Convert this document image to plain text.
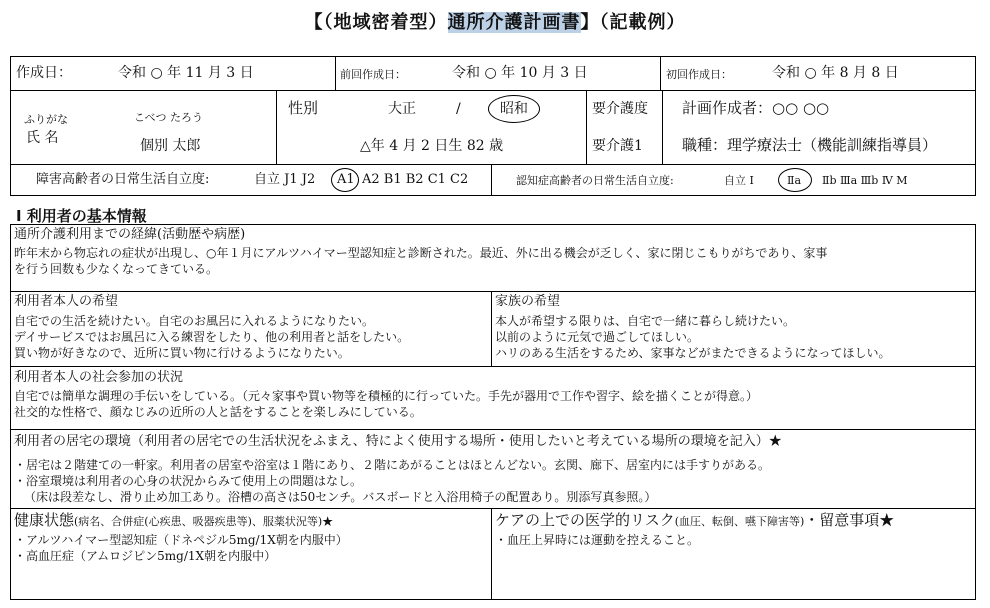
【（地域密着型）通所介護計画書】（記載例）
作成日：	令和 ○ 年 11 月 3 日	前回作成日：	令和 ○ 年 10 月 3 日	初回作成日：	令和 ○ 年 8 月 8 日
ふりがな	こべつ たろう
氏 名	個別 太郎
性別	大正	/	昭和
△年 4 月 2 日生 82 歳
要介護度
要介護1
計画作成者：○○ ○○
職種：理学療法士（機能訓練指導員）
障害高齢者の日常生活自立度:	自立 J1 J2 A1 A2 B1 B2 C1 C2	認知症高齢者の日常生活自立度:	自立 Ⅰ	Ⅱa Ⅱb Ⅲa Ⅲb Ⅳ M
Ⅰ 利用者の基本情報
通所介護利用までの経緯(活動歴や病歴)
昨年末から物忘れの症状が出現し、○年１月にアルツハイマー型認知症と診断された。最近、外に出る機会が乏しく、家に閉じこもりがちであり、家事
を行う回数も少なくなってきている。
利用者本人の希望
自宅での生活を続けたい。自宅のお風呂に入れるようになりたい。
デイサービスではお風呂に入る練習をしたり、他の利用者と話をしたい。
買い物が好きなので、近所に買い物に行けるようになりたい。
家族の希望
本人が希望する限りは、自宅で一緒に暮らし続けたい。
以前のように元気で過ごしてほしい。
ハリのある生活をするため、家事などがまたできるようになってほしい。
利用者本人の社会参加の状況
自宅では簡単な調理の手伝いをしている。（元々家事や買い物等を積極的に行っていた。手先が器用で工作や習字、絵を描くことが得意。）
社交的な性格で、顔なじみの近所の人と話をすることを楽しみにしている。
利用者の居宅の環境（利用者の居宅での生活状況をふまえ、特によく使用する場所・使用したいと考えている場所の環境を記入）★
・居宅は２階建ての一軒家。利用者の居室や浴室は１階にあり、２階にあがることはほとんどない。玄関、廊下、居室内には手すりがある。
・浴室環境は利用者の心身の状況からみて使用上の問題はなし。
（床は段差なし、滑り止め加工あり。浴槽の高さは50センチ。バスボードと入浴用椅子の配置あり。別添写真参照。）
健康状態(病名、合併症(心疾患、吸器疾患等)、服薬状況等)★
・アルツハイマー型認知症（ドネペジル5mg/1X朝を内服中）
・高血圧症（アムロジピン5mg/1X朝を内服中）
ケアの上での医学的リスク(血圧、転倒、嚥下障害等)・留意事項★
・血圧上昇時には運動を控えること。
